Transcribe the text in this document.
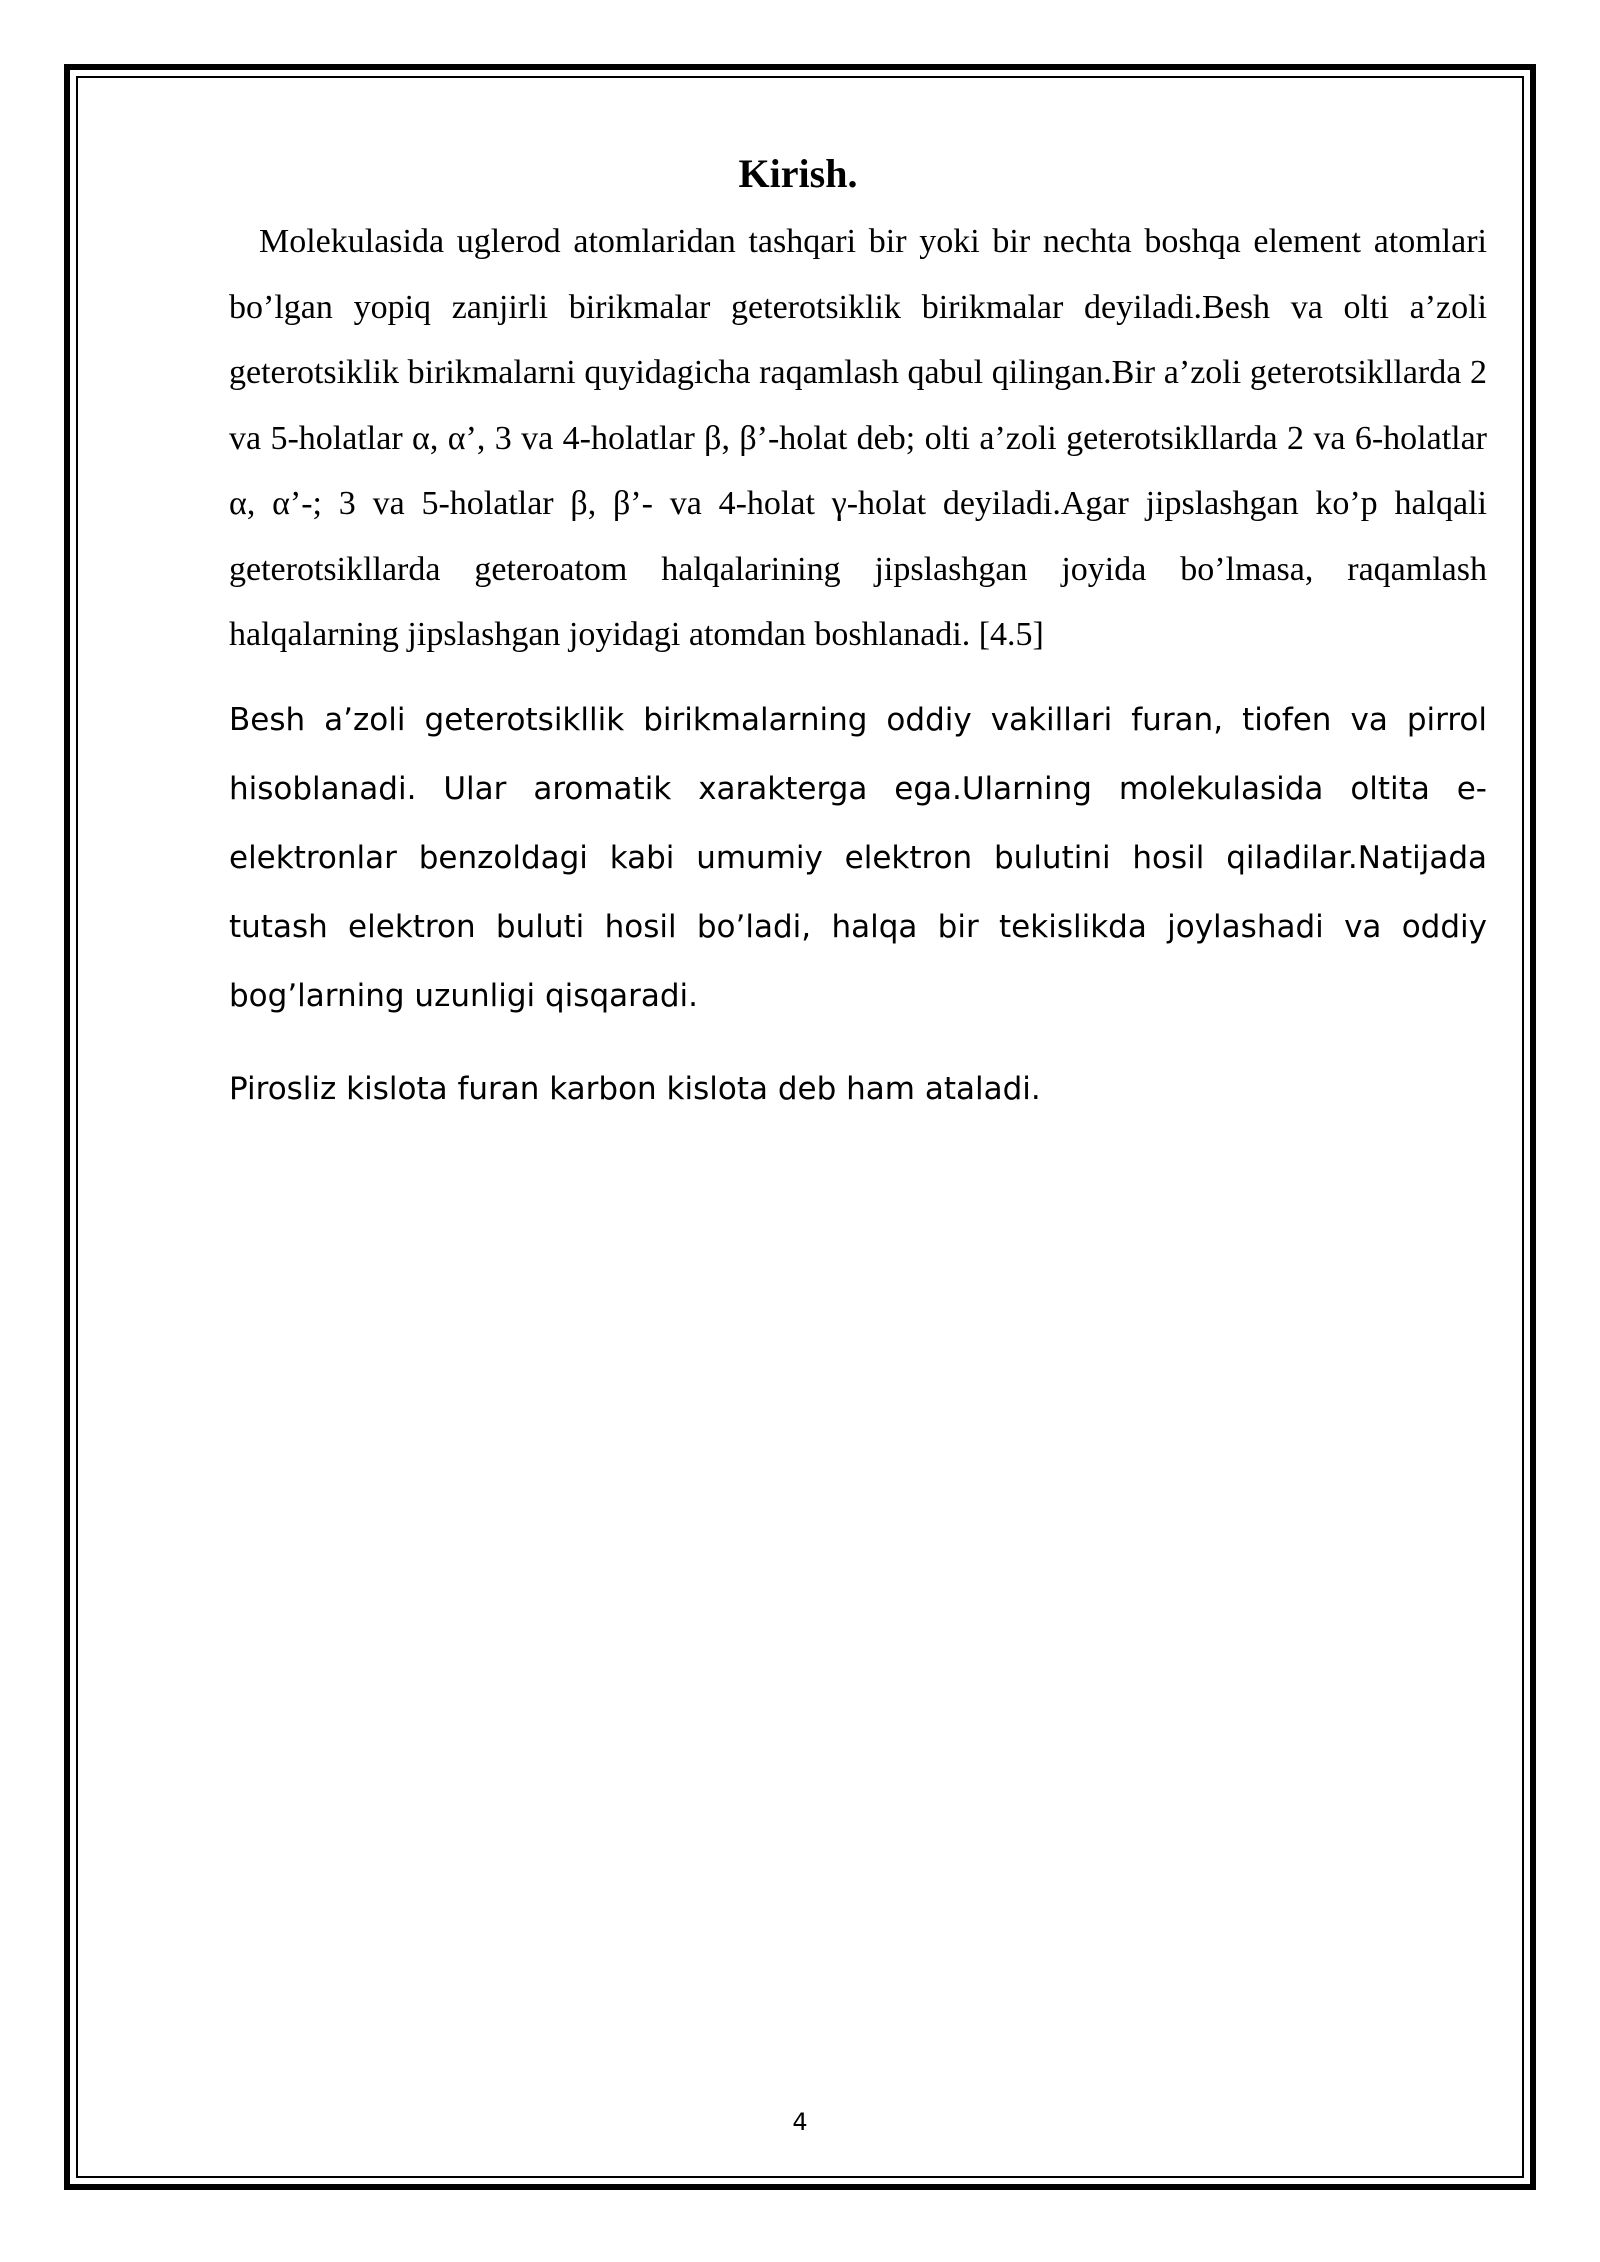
Kirish.

Molekulasida uglerod atomlaridan tashqari bir yoki bir nechta boshqa element atomlari bo’lgan yopiq zanjirli birikmalar geterotsiklik birikmalar deyiladi.Besh va olti a’zoli geterotsiklik birikmalarni quyidagicha raqamlash qabul qilingan.Bir a’zoli geterotsikllarda 2 va 5-holatlar α, α’, 3 va 4-holatlar β, β’-holat deb; olti a’zoli geterotsikllarda 2 va 6-holatlar α, α’-; 3 va 5-holatlar β, β’- va 4-holat γ-holat deyiladi.Agar jipslashgan ko’p halqali geterotsikllarda geteroatom halqalarining jipslashgan joyida bo’lmasa, raqamlash halqalarning jipslashgan joyidagi atomdan boshlanadi. [4.5]

Besh a’zoli geterotsikllik birikmalarning oddiy vakillari furan, tiofen va pirrol hisoblanadi. Ular aromatik xarakterga ega.Ularning molekulasida oltita e-elektronlar benzoldagi kabi umumiy elektron bulutini hosil qiladilar.Natijada tutash elektron buluti hosil bo’ladi, halqa bir tekislikda joylashadi va oddiy bog’larning uzunligi qisqaradi.

Pirosliz kislota furan karbon kislota deb ham ataladi.

4
